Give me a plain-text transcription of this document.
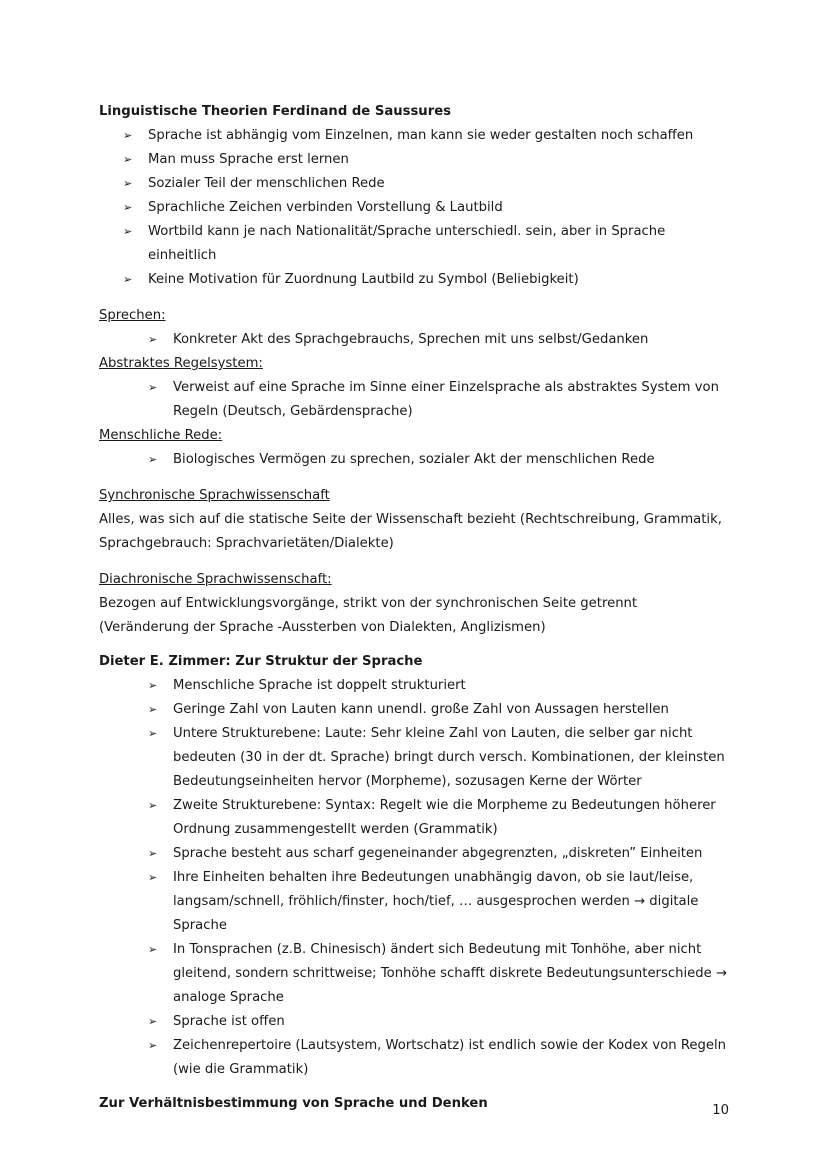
Linguistische Theorien Ferdinand de Saussures

➢ Sprache ist abhängig vom Einzelnen, man kann sie weder gestalten noch schaffen
➢ Man muss Sprache erst lernen
➢ Sozialer Teil der menschlichen Rede
➢ Sprachliche Zeichen verbinden Vorstellung & Lautbild
➢ Wortbild kann je nach Nationalität/Sprache unterschiedl. sein, aber in Sprache einheitlich
➢ Keine Motivation für Zuordnung Lautbild zu Symbol (Beliebigkeit)

Sprechen:

➢ Konkreter Akt des Sprachgebrauchs, Sprechen mit uns selbst/Gedanken

Abstraktes Regelsystem:

➢ Verweist auf eine Sprache im Sinne einer Einzelsprache als abstraktes System von Regeln (Deutsch, Gebärdensprache)

Menschliche Rede:

➢ Biologisches Vermögen zu sprechen, sozialer Akt der menschlichen Rede

Synchronische Sprachwissenschaft

Alles, was sich auf die statische Seite der Wissenschaft bezieht (Rechtschreibung, Grammatik, Sprachgebrauch: Sprachvarietäten/Dialekte)

Diachronische Sprachwissenschaft:

Bezogen auf Entwicklungsvorgänge, strikt von der synchronischen Seite getrennt (Veränderung der Sprache -Aussterben von Dialekten, Anglizismen)

Dieter E. Zimmer: Zur Struktur der Sprache

➢ Menschliche Sprache ist doppelt strukturiert
➢ Geringe Zahl von Lauten kann unendl. große Zahl von Aussagen herstellen
➢ Untere Strukturebene: Laute: Sehr kleine Zahl von Lauten, die selber gar nicht bedeuten (30 in der dt. Sprache) bringt durch versch. Kombinationen, der kleinsten Bedeutungseinheiten hervor (Morpheme), sozusagen Kerne der Wörter
➢ Zweite Strukturebene: Syntax: Regelt wie die Morpheme zu Bedeutungen höherer Ordnung zusammengestellt werden (Grammatik)
➢ Sprache besteht aus scharf gegeneinander abgegrenzten, „diskreten” Einheiten
➢ Ihre Einheiten behalten ihre Bedeutungen unabhängig davon, ob sie laut/leise, langsam/schnell, fröhlich/finster, hoch/tief, … ausgesprochen werden → digitale Sprache
➢ In Tonsprachen (z.B. Chinesisch) ändert sich Bedeutung mit Tonhöhe, aber nicht gleitend, sondern schrittweise; Tonhöhe schafft diskrete Bedeutungsunterschiede → analoge Sprache
➢ Sprache ist offen
➢ Zeichenrepertoire (Lautsystem, Wortschatz) ist endlich sowie der Kodex von Regeln (wie die Grammatik)

Zur Verhältnisbestimmung von Sprache und Denken	10
